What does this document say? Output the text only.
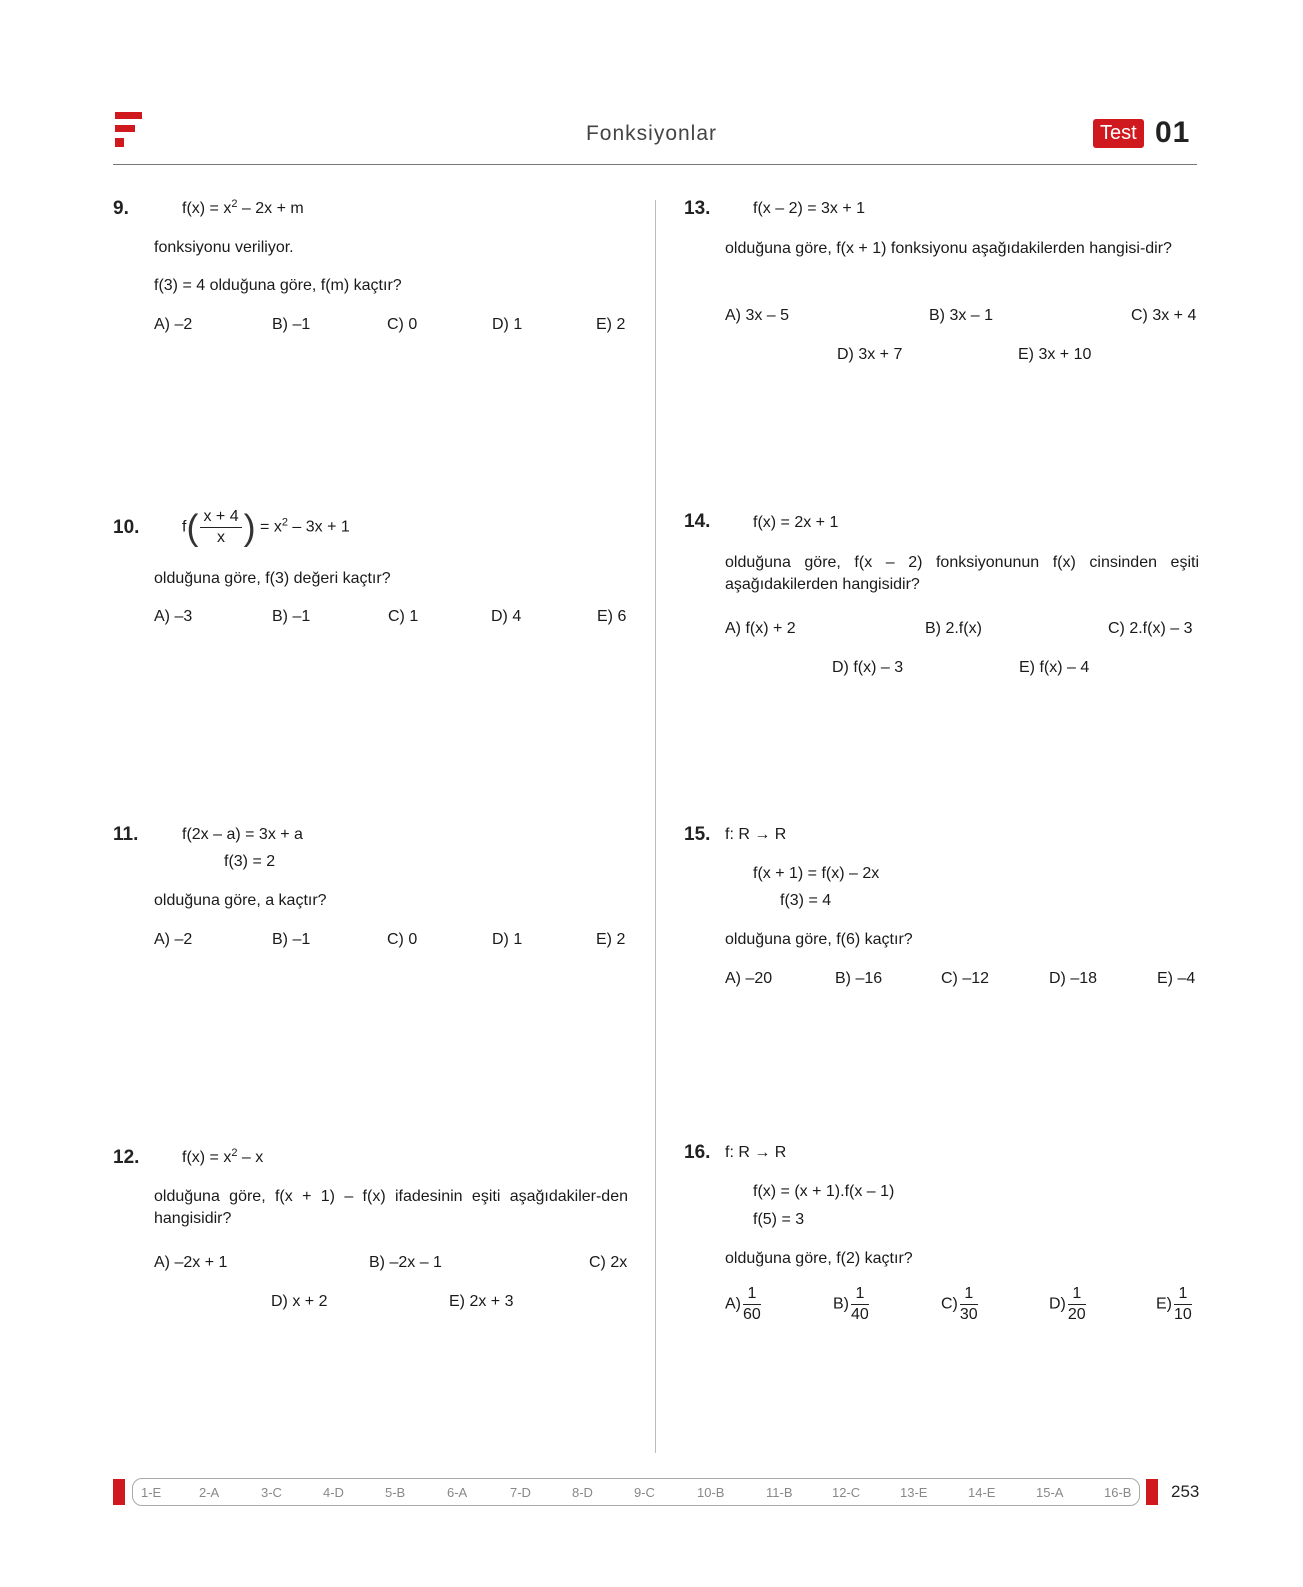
Fonksiyonlar	Test 01
9.	$f(x) = x^2 - 2x + m$
fonksiyonu veriliyor.
f(3) = 4 olduğuna göre, f(m) kaçtır?
A) –2	B) –1	C) 0	D) 1	E) 2
10.	$f( \frac{x + 4}{x}$ ) = $x^2 - 3x + 1$
olduğuna göre, f(3) değeri kaçtır?
A) –3	B) –1	C) 1	D) 4	E) 6
11.	f(2x – a) = 3x + a
f(3) = 2
olduğuna göre, a kaçtır?
A) –2	B) –1	C) 0	D) 1	E) 2
12.	$f(x) = x^2 - x$
olduğuna göre, f(x + 1) – f(x) ifadesinin eşiti aşağıdakiler-den hangisidir?
A) –2x + 1	B) –2x – 1	C) 2x
D) x + 2	E) 2x + 3
13.	f(x – 2) = 3x + 1
olduğuna göre, f(x + 1) fonksiyonu aşağıdakilerden hangisi-dir?
A) 3x – 5	B) 3x – 1	C) 3x + 4
D) 3x + 7	E) 3x + 10
14.	f(x) = 2x + 1
olduğuna göre, f(x – 2) fonksiyonunun f(x) cinsinden eşiti aşağıdakilerden hangisidir?
A) f(x) + 2	B) 2.f(x)	C) 2.f(x) – 3
D) f(x) – 3	E) f(x) – 4
15. f: R → R
f(x + 1) = f(x) – 2x
f(3) = 4
olduğuna göre, f(6) kaçtır?
A) –20	B) –16	C) –12	D) –18	E) –4
16. f: R → R
f(x) = (x + 1).f(x – 1)
f(5) = 3
olduğuna göre, f(2) kaçtır?
$A) \frac{1}{60}$	$B) \frac{1}{40}$	$C) \frac{1}{30}$	$D) \frac{1}{20}$	$E) \frac{1}{10}$
1-E	2-A	3-C	4-D	5-B	6-A	7-D	8-D	9-C	10-B	11-B	12-C	13-E	14-E	15-A	16-B 253
